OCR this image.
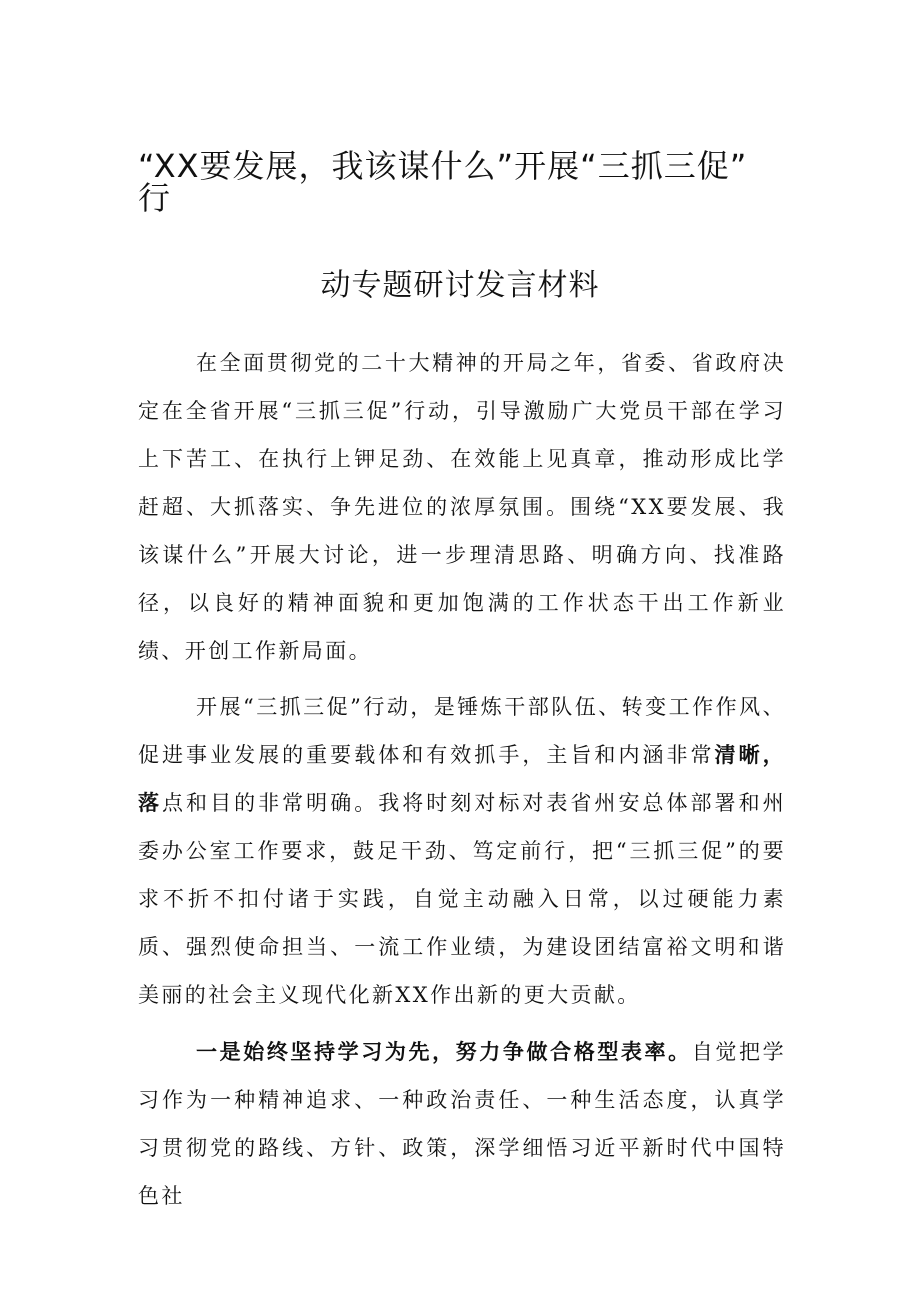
“XX要发展，我该谋什么”开展“三抓三促”
行
动专题研讨发言材料

在全面贯彻党的二十大精神的开局之年，省委、省政府决定在全省开展“三抓三促”行动，引导激励广大党员干部在学习上下苦工、在执行上钾足劲、在效能上见真章，推动形成比学赶超、大抓落实、争先进位的浓厚氛围。围绕“XX要发展、我该谋什么”开展大讨论，进一步理清思路、明确方向、找准路径，以良好的精神面貌和更加饱满的工作状态干出工作新业绩、开创工作新局面。

开展“三抓三促”行动，是锤炼干部队伍、转变工作作风、促进事业发展的重要载体和有效抓手，主旨和内涵非常清晰，落点和目的非常明确。我将时刻对标对表省州安总体部署和州委办公室工作要求，鼓足干劲、笃定前行，把“三抓三促”的要求不折不扣付诸于实践，自觉主动融入日常，以过硬能力素质、强烈使命担当、一流工作业绩，为建设团结富裕文明和谐美丽的社会主义现代化新XX作出新的更大贡献。

一是始终坚持学习为先，努力争做合格型表率。自觉把学习作为一种精神追求、一种政治责任、一种生活态度，认真学习贯彻党的路线、方针、政策，深学细悟习近平新时代中国特色社
